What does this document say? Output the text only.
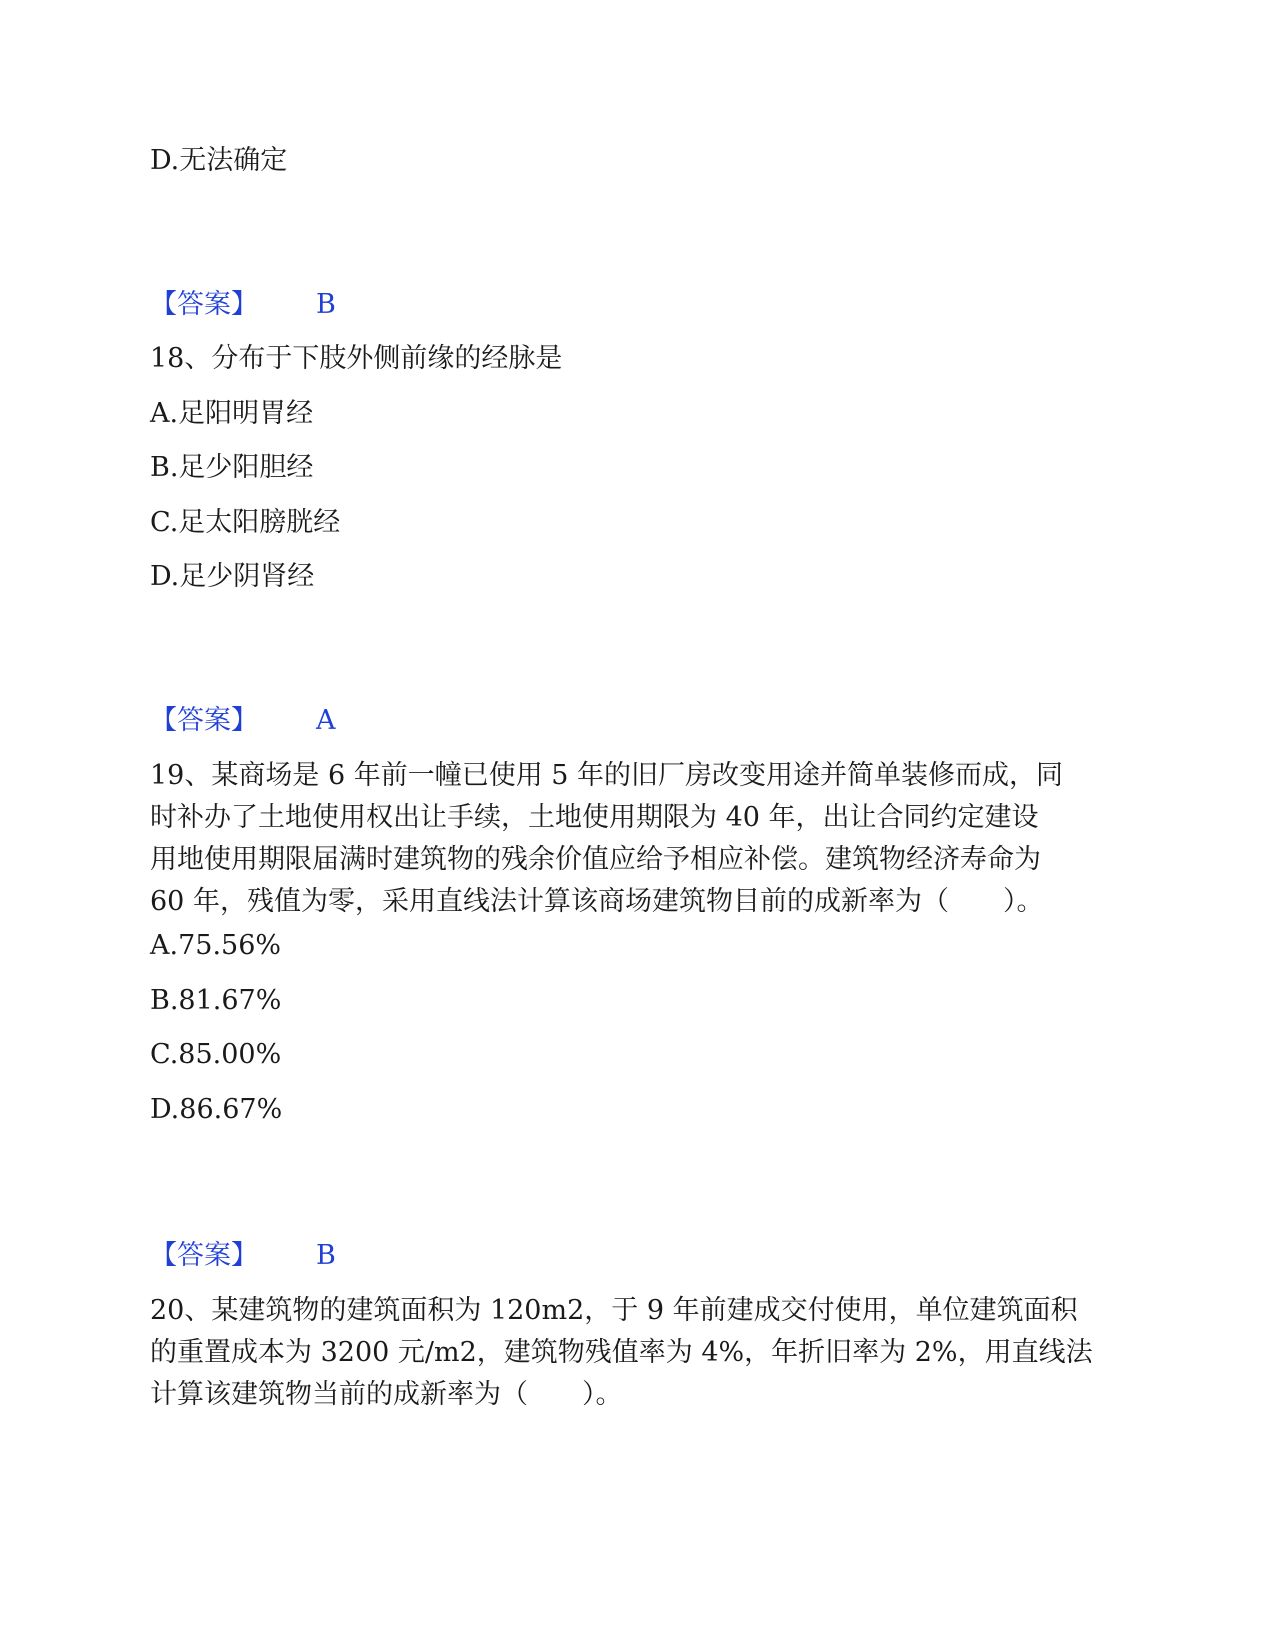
D.无法确定
【答案】 B
18、分布于下肢外侧前缘的经脉是
A.足阳明胃经
B.足少阳胆经
C.足太阳膀胱经
D.足少阴肾经
【答案】 A
19、某商场是 6 年前一幢已使用 5 年的旧厂房改变用途并简单装修而成，同
时补办了土地使用权出让手续，土地使用期限为 40 年，出让合同约定建设
用地使用期限届满时建筑物的残余价值应给予相应补偿。建筑物经济寿命为
60 年，残值为零，采用直线法计算该商场建筑物目前的成新率为（　　）。
A.75.56%
B.81.67%
C.85.00%
D.86.67%
【答案】 B
20、某建筑物的建筑面积为 120m2，于 9 年前建成交付使用，单位建筑面积
的重置成本为 3200 元/m2，建筑物残值率为 4%，年折旧率为 2%，用直线法
计算该建筑物当前的成新率为（　　）。
